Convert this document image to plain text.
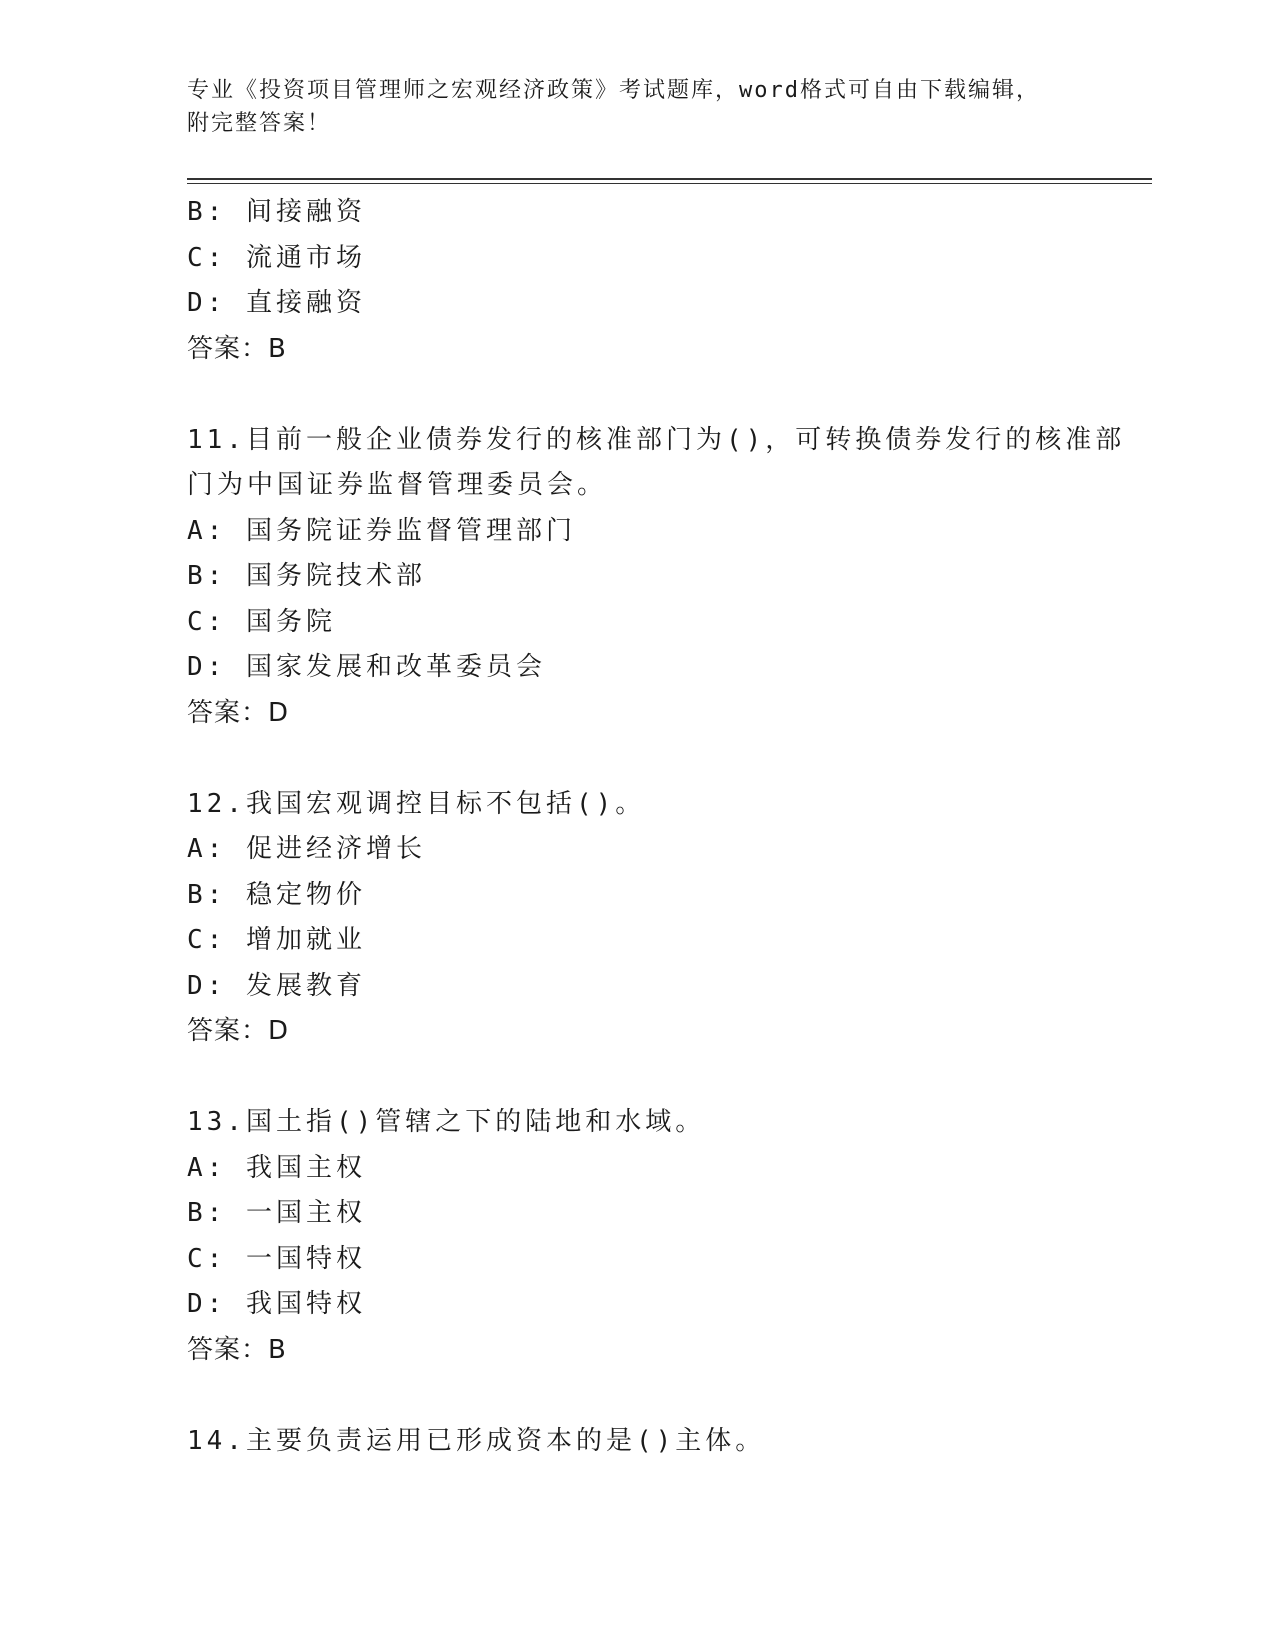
专业《投资项目管理师之宏观经济政策》考试题库，word格式可自由下载编辑，
附完整答案！
B: 间接融资
C: 流通市场
D: 直接融资
答案：B
11.目前一般企业债券发行的核准部门为()，可转换债券发行的核准部
门为中国证券监督管理委员会。
A: 国务院证券监督管理部门
B: 国务院技术部
C: 国务院
D: 国家发展和改革委员会
答案：D
12.我国宏观调控目标不包括()。
A: 促进经济增长
B: 稳定物价
C: 增加就业
D: 发展教育
答案：D
13.国土指()管辖之下的陆地和水域。
A: 我国主权
B: 一国主权
C: 一国特权
D: 我国特权
答案：B
14.主要负责运用已形成资本的是()主体。
